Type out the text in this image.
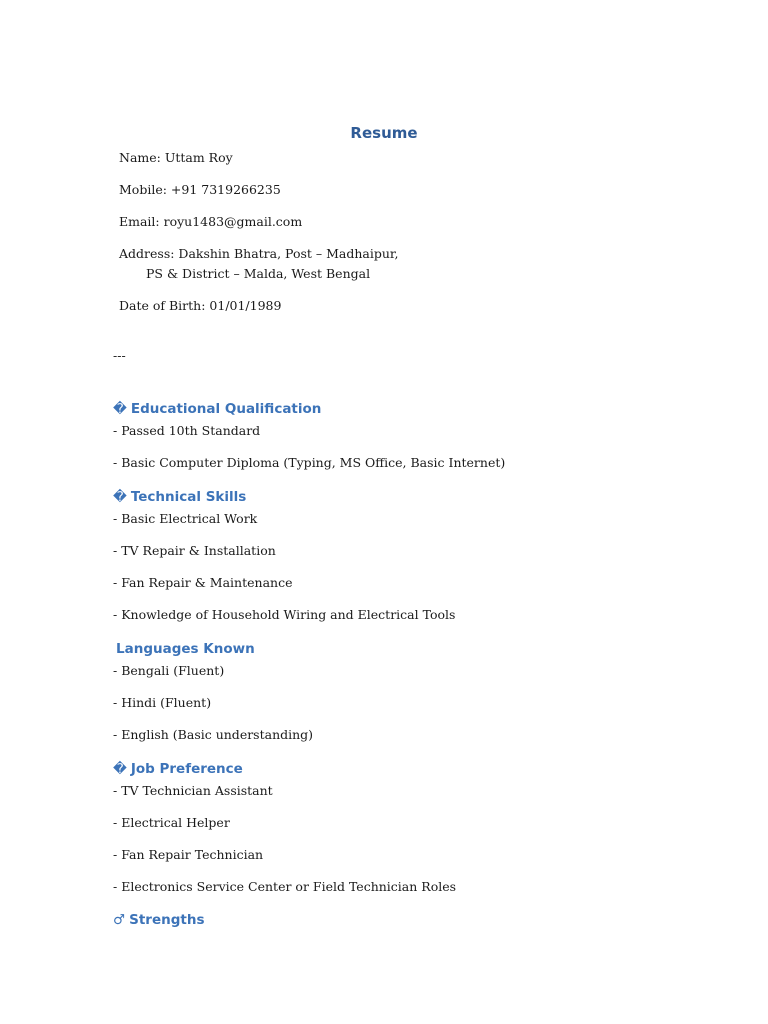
Resume
Name: Uttam Roy
Mobile: +91 7319266235
Email: royu1483@gmail.com
Address: Dakshin Bhatra, Post – Madhaipur,
PS & District – Malda, West Bengal
Date of Birth: 01/01/1989
---
� Educational Qualification
- Passed 10th Standard
- Basic Computer Diploma (Typing, MS Office, Basic Internet)
� Technical Skills
- Basic Electrical Work
- TV Repair & Installation
- Fan Repair & Maintenance
- Knowledge of Household Wiring and Electrical Tools
Languages Known
- Bengali (Fluent)
- Hindi (Fluent)
- English (Basic understanding)
� Job Preference
- TV Technician Assistant
- Electrical Helper
- Fan Repair Technician
- Electronics Service Center or Field Technician Roles
♂ Strengths
